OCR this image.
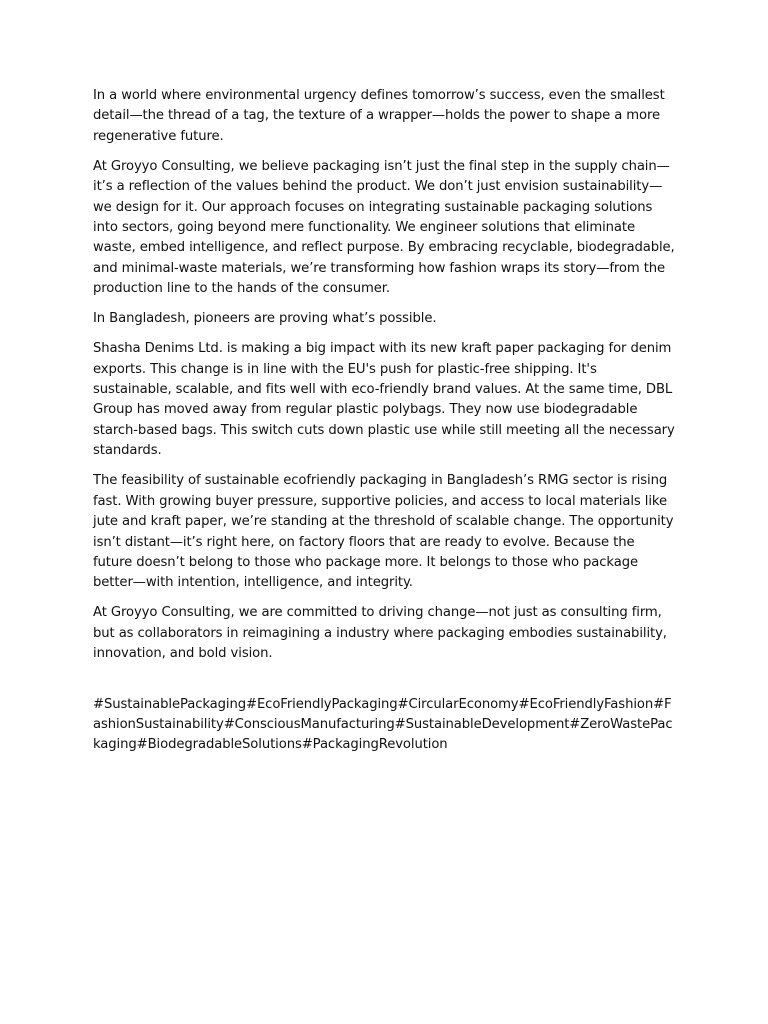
In a world where environmental urgency defines tomorrow’s success, even the smallest detail—the thread of a tag, the texture of a wrapper—holds the power to shape a more regenerative future.

At Groyyo Consulting, we believe packaging isn’t just the final step in the supply chain—it’s a reflection of the values behind the product. We don’t just envision sustainability—we design for it. Our approach focuses on integrating sustainable packaging solutions into sectors, going beyond mere functionality. We engineer solutions that eliminate waste, embed intelligence, and reflect purpose. By embracing recyclable, biodegradable, and minimal-waste materials, we’re transforming how fashion wraps its story—from the production line to the hands of the consumer.

In Bangladesh, pioneers are proving what’s possible.

Shasha Denims Ltd. is making a big impact with its new kraft paper packaging for denim exports. This change is in line with the EU's push for plastic-free shipping. It's sustainable, scalable, and fits well with eco-friendly brand values. At the same time, DBL Group has moved away from regular plastic polybags. They now use biodegradable starch-based bags. This switch cuts down plastic use while still meeting all the necessary standards.

The feasibility of sustainable ecofriendly packaging in Bangladesh’s RMG sector is rising fast. With growing buyer pressure, supportive policies, and access to local materials like jute and kraft paper, we’re standing at the threshold of scalable change. The opportunity isn’t distant—it’s right here, on factory floors that are ready to evolve. Because the future doesn’t belong to those who package more. It belongs to those who package better—with intention, intelligence, and integrity.

At Groyyo Consulting, we are committed to driving change—not just as consulting firm, but as collaborators in reimagining a industry where packaging embodies sustainability, innovation, and bold vision.

#SustainablePackaging#EcoFriendlyPackaging#CircularEconomy#EcoFriendlyFashion#FashionSustainability#ConsciousManufacturing#SustainableDevelopment#ZeroWastePackaging#BiodegradableSolutions#PackagingRevolution
